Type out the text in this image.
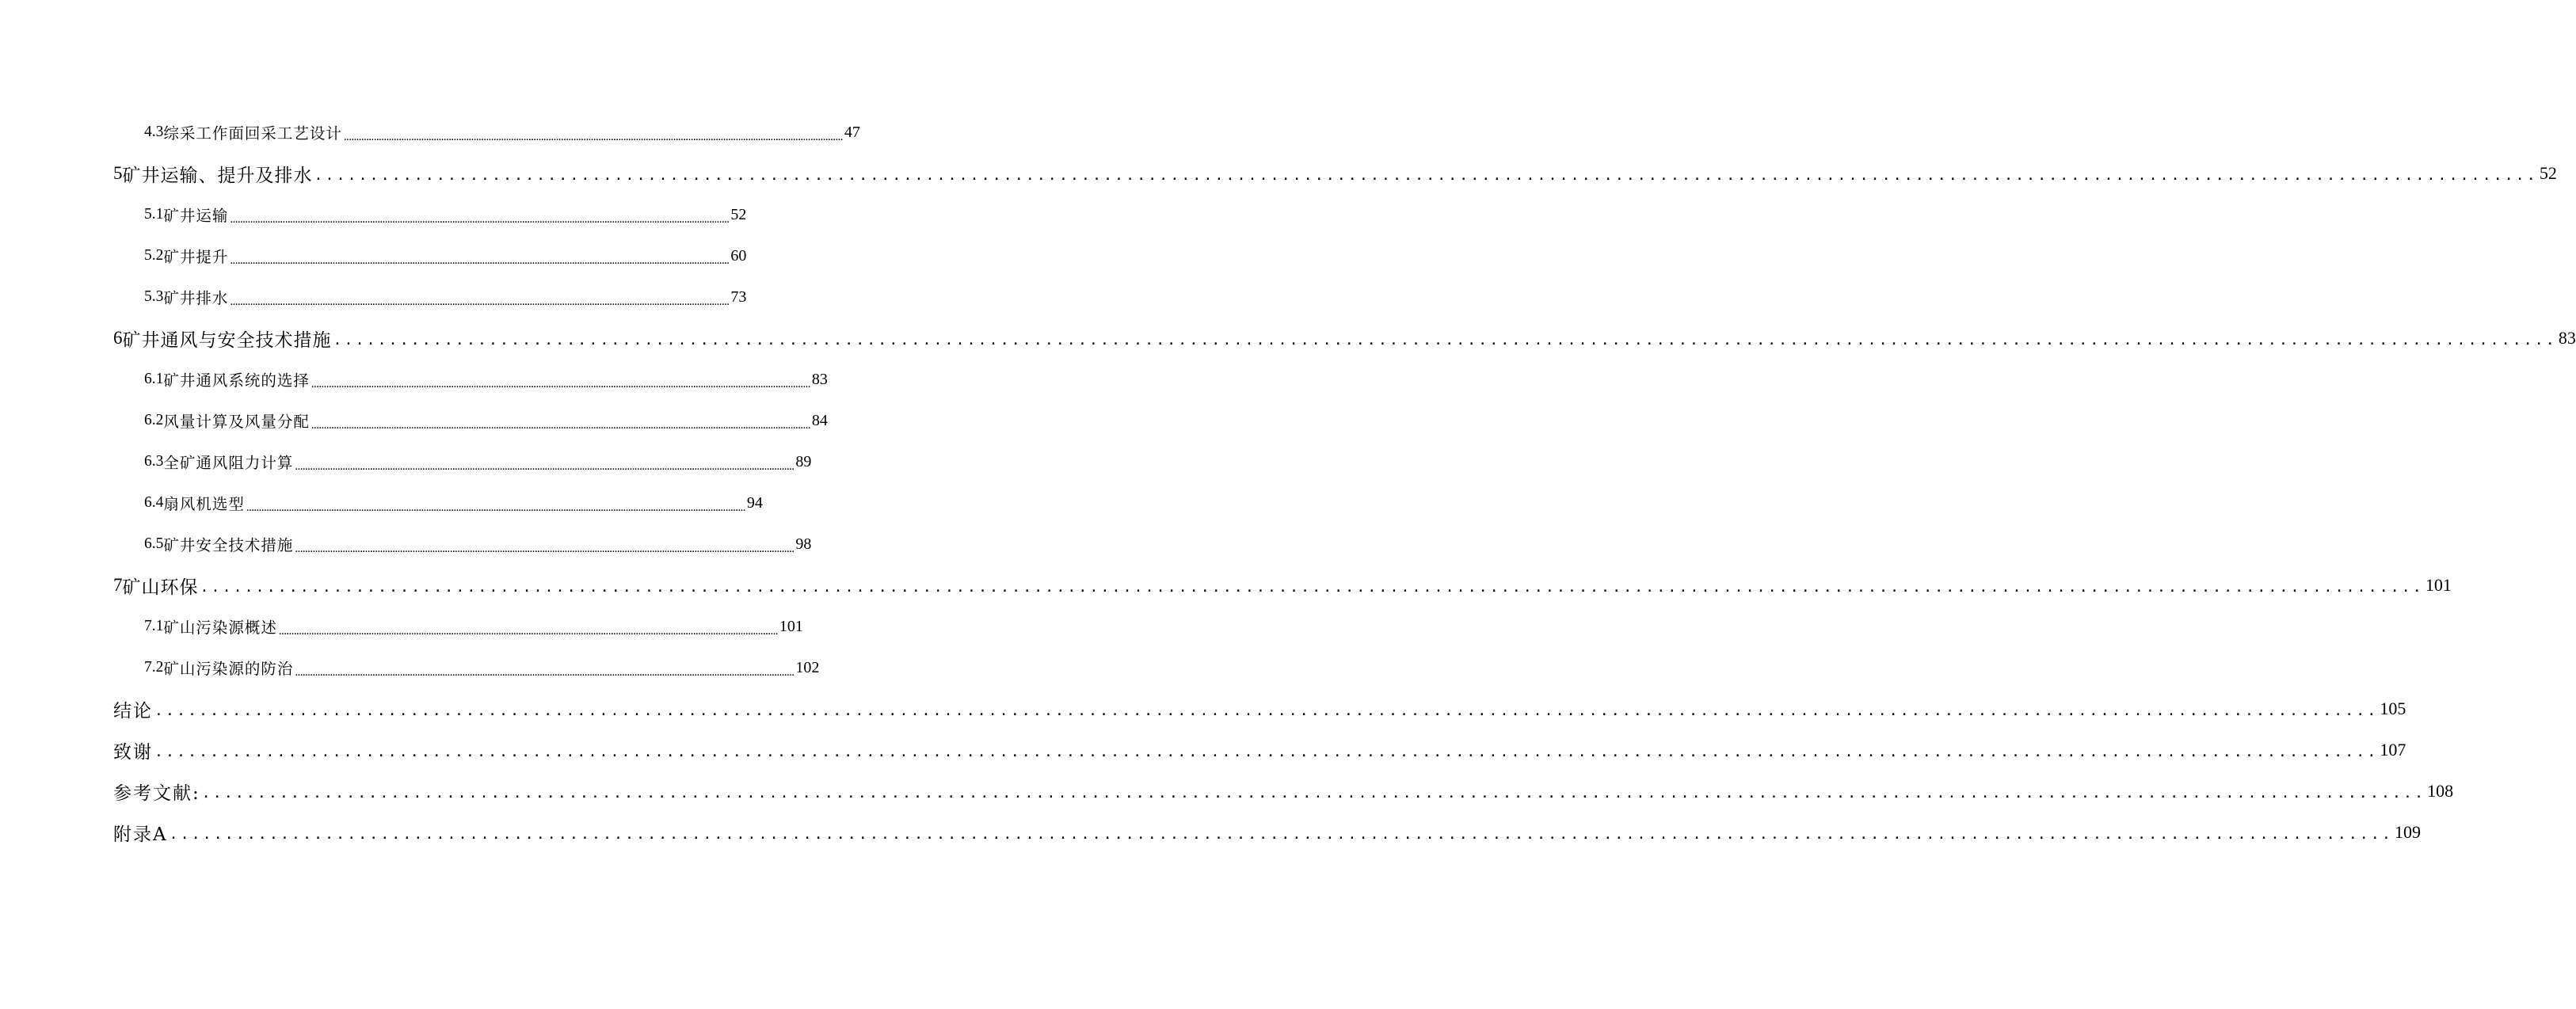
4.3 综采工作面回采工艺设计 ........................................................................................................................................................................................................ 47
5 矿井运输、提升及排水 ........................................................................................................................................................................................................ 52
5.1 矿井运输 ........................................................................................................................................................................................................ 52
5.2 矿井提升 ........................................................................................................................................................................................................ 60
5.3 矿井排水 ........................................................................................................................................................................................................ 73
6 矿井通风与安全技术措施 ........................................................................................................................................................................................................ 83
6.1 矿井通风系统的选择 ........................................................................................................................................................................................................ 83
6.2 风量计算及风量分配 ........................................................................................................................................................................................................ 84
6.3 全矿通风阻力计算 ........................................................................................................................................................................................................ 89
6.4 扇风机选型 ........................................................................................................................................................................................................ 94
6.5 矿井安全技术措施 ........................................................................................................................................................................................................ 98
7 矿山环保 ........................................................................................................................................................................................................ 101
7.1 矿山污染源概述 ........................................................................................................................................................................................................ 101
7.2 矿山污染源的防治 ........................................................................................................................................................................................................ 102
结论 ........................................................................................................................................................................................................ 105
致谢 ........................................................................................................................................................................................................ 107
参考文献: ........................................................................................................................................................................................................ 108
附录A ........................................................................................................................................................................................................ 109
